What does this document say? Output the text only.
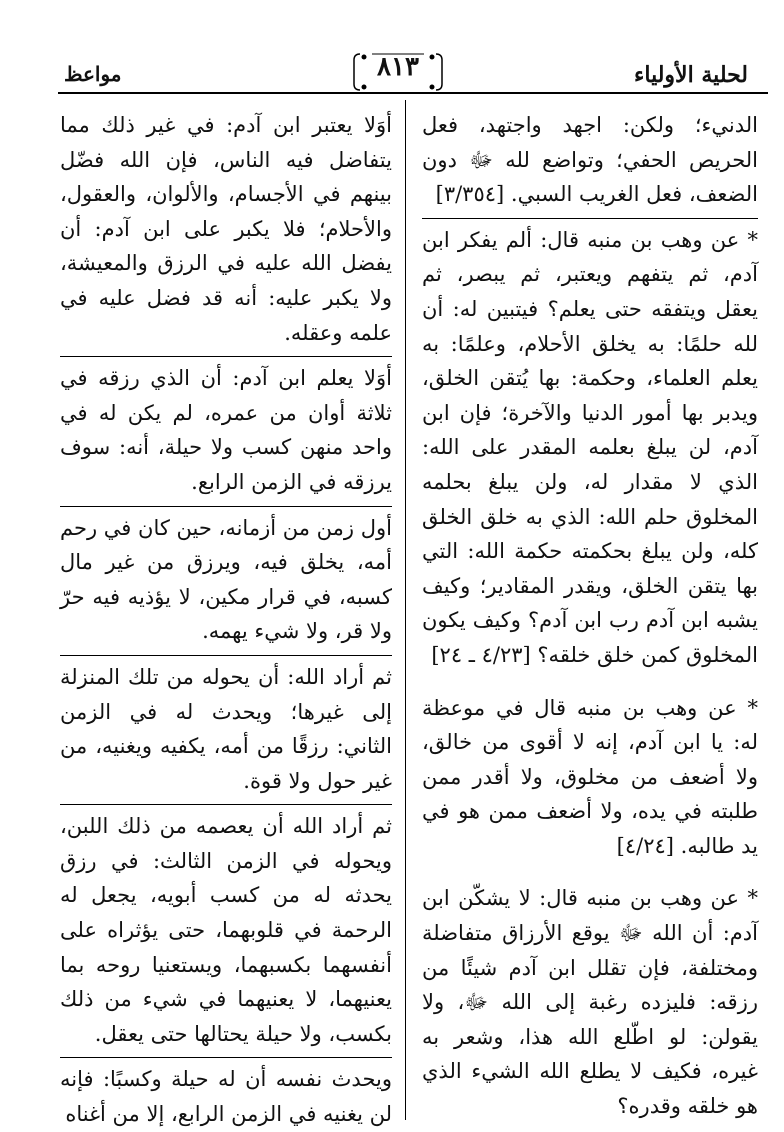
لحلية الأولياء
٨١٣
مواعظ

الدنيء؛ ولكن: اجهد واجتهد، فعل الحريص الحفي؛ وتواضع لله ﷻ دون الضعف، فعل الغريب السبي. [٣/٣٥٤]

* عن وهب بن منبه قال: ألم يفكر ابن آدم، ثم يتفهم ويعتبر، ثم يبصر، ثم يعقل ويتفقه حتى يعلم؟ فيتبين له: أن لله حلمًا: به يخلق الأحلام، وعلمًا: به يعلم العلماء، وحكمة: بها يُتقن الخلق، ويدبر بها أمور الدنيا والآخرة؛ فإن ابن آدم، لن يبلغ بعلمه المقدر على الله: الذي لا مقدار له، ولن يبلغ بحلمه المخلوق حلم الله: الذي به خلق الخلق كله، ولن يبلغ بحكمته حكمة الله: التي بها يتقن الخلق، ويقدر المقادير؛ وكيف يشبه ابن آدم رب ابن آدم؟ وكيف يكون المخلوق كمن خلق خلقه؟ [٤/٢٣ ـ ٢٤]

* عن وهب بن منبه قال في موعظة له: يا ابن آدم، إنه لا أقوى من خالق، ولا أضعف من مخلوق، ولا أقدر ممن طلبته في يده، ولا أضعف ممن هو في يد طالبه. [٤/٢٤]

* عن وهب بن منبه قال: لا يشكّن ابن آدم: أن الله ﷻ يوقع الأرزاق متفاضلة ومختلفة، فإن تقلل ابن آدم شيئًا من رزقه: فليزده رغبة إلى الله ﷻ، ولا يقولن: لو اطّلع الله هذا، وشعر به غيره، فكيف لا يطلع الله الشيء الذي هو خلقه وقدره؟

أوَلا يعتبر ابن آدم: في غير ذلك مما يتفاضل فيه الناس، فإن الله فضّل بينهم في الأجسام، والألوان، والعقول، والأحلام؛ فلا يكبر على ابن آدم: أن يفضل الله عليه في الرزق والمعيشة، ولا يكبر عليه: أنه قد فضل عليه في علمه وعقله.

أوَلا يعلم ابن آدم: أن الذي رزقه في ثلاثة أوان من عمره، لم يكن له في واحد منهن كسب ولا حيلة، أنه: سوف يرزقه في الزمن الرابع.

أول زمن من أزمانه، حين كان في رحم أمه، يخلق فيه، ويرزق من غير مال كسبه، في قرار مكين، لا يؤذيه فيه حرّ ولا قر، ولا شيء يهمه.

ثم أراد الله: أن يحوله من تلك المنزلة إلى غيرها؛ ويحدث له في الزمن الثاني: رزقًا من أمه، يكفيه ويغنيه، من غير حول ولا قوة.

ثم أراد الله أن يعصمه من ذلك اللبن، ويحوله في الزمن الثالث: في رزق يحدثه له من كسب أبويه، يجعل له الرحمة في قلوبهما، حتى يؤثراه على أنفسهما بكسبهما، ويستعنيا روحه بما يعنيهما، لا يعنيهما في شيء من ذلك بكسب، ولا حيلة يحتالها حتى يعقل.

ويحدث نفسه أن له حيلة وكسبًا: فإنه لن يغنيه في الزمن الرابع، إلا من أغناه
